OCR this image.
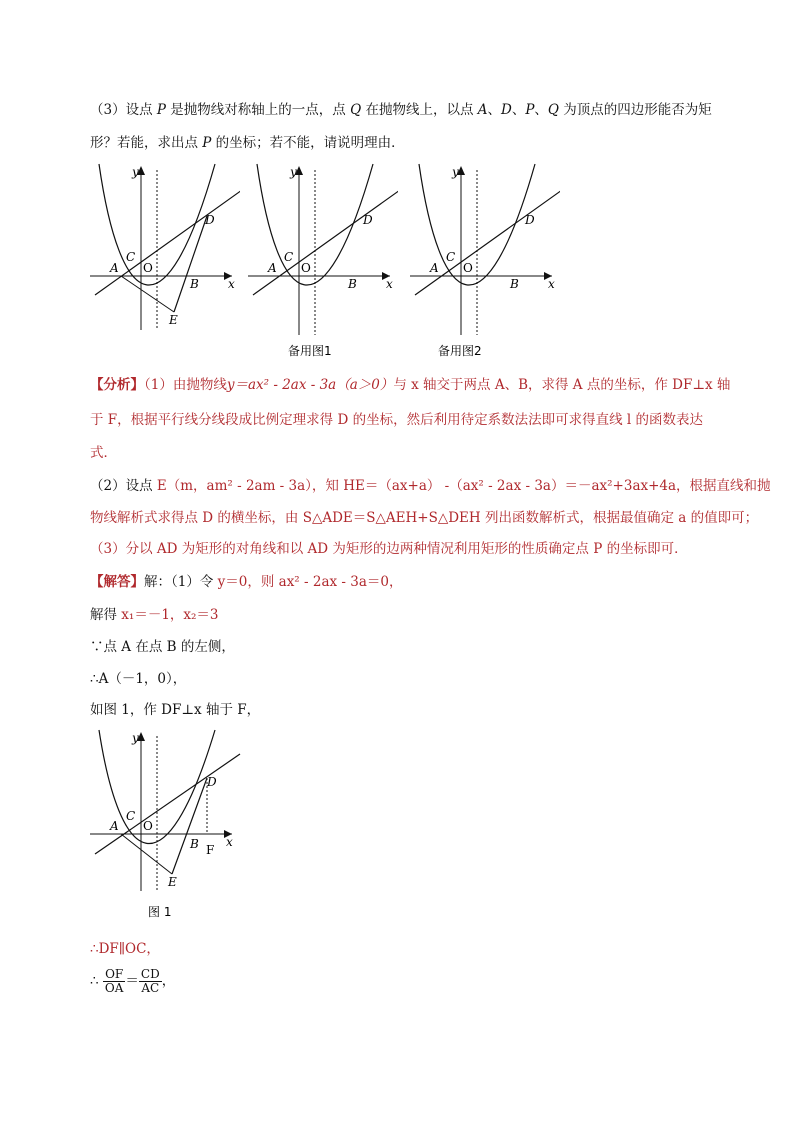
（3）设点 P 是抛物线对称轴上的一点，点 Q 在抛物线上，以点 A、D、P、Q 为顶点的四边形能否为矩
形？若能，求出点 P 的坐标；若不能，请说明理由．
y
x
A O
C
D
B
E
y
x
A O
C
D
B
备用图1
y
x
A O
C
D
B
备用图2
【分析】（1）由抛物线y＝ax² - 2ax - 3a（a＞0）与 x 轴交于两点 A、B，求得 A 点的坐标，作 DF⊥x 轴
于 F，根据平行线分线段成比例定理求得 D 的坐标，然后利用待定系数法法即可求得直线 l 的函数表达
式．
（2）设点 E（m，am² - 2am - 3a），知 HE＝（ax+a） -（ax² - 2ax - 3a）＝－ax²+3ax+4a，根据直线和抛
物线解析式求得点 D 的横坐标，由 S△ADE＝S△AEH+S△DEH 列出函数解析式，根据最值确定 a 的值即可；
（3）分以 AD 为矩形的对角线和以 AD 为矩形的边两种情况利用矩形的性质确定点 P 的坐标即可．
【解答】解：（1）令 y＝0，则 ax² - 2ax - 3a＝0，
解得 x₁＝－1，x₂＝3
∵点 A 在点 B 的左侧，
∴A（－1，0），
如图 1，作 DF⊥x 轴于 F，
y
x
A O
C
D
B F
E
图 1
∴DF∥OC，
∴ $\frac{OF}{OA} = \frac{CD}{AC}$ ，
